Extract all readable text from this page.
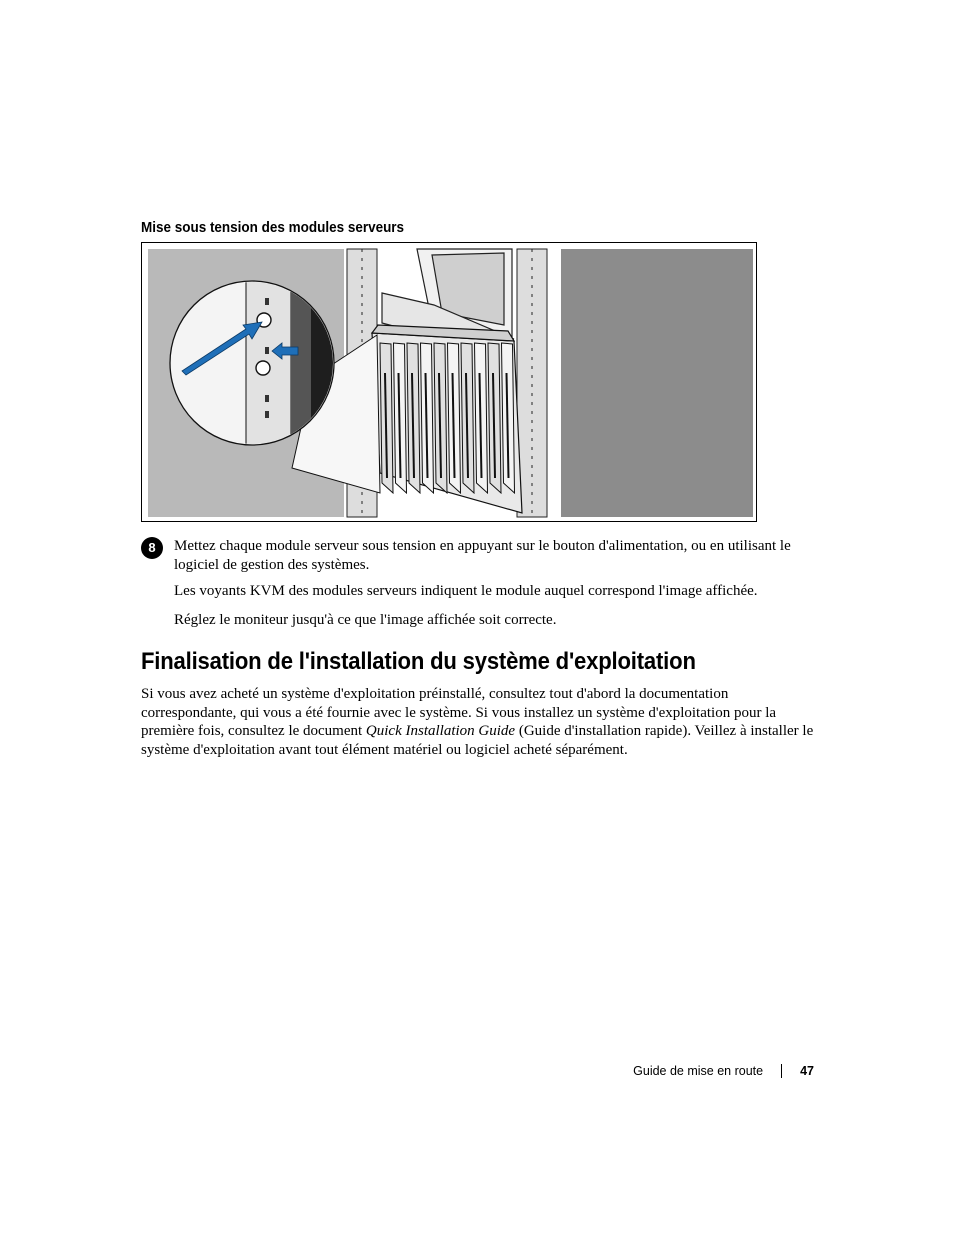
Mise sous tension des modules serveurs
8	Mettez chaque module serveur sous tension en appuyant sur le bouton d'alimentation, ou en utilisant le logiciel de gestion des systèmes.

Les voyants KVM des modules serveurs indiquent le module auquel correspond l'image affichée.

Réglez le moniteur jusqu'à ce que l'image affichée soit correcte.

Finalisation de l'installation du système d'exploitation

Si vous avez acheté un système d'exploitation préinstallé, consultez tout d'abord la documentation correspondante, qui vous a été fournie avec le système. Si vous installez un système d'exploitation pour la première fois, consultez le document Quick Installation Guide (Guide d'installation rapide). Veillez à installer le système d'exploitation avant tout élément matériel ou logiciel acheté séparément.

Guide de mise en route	47
